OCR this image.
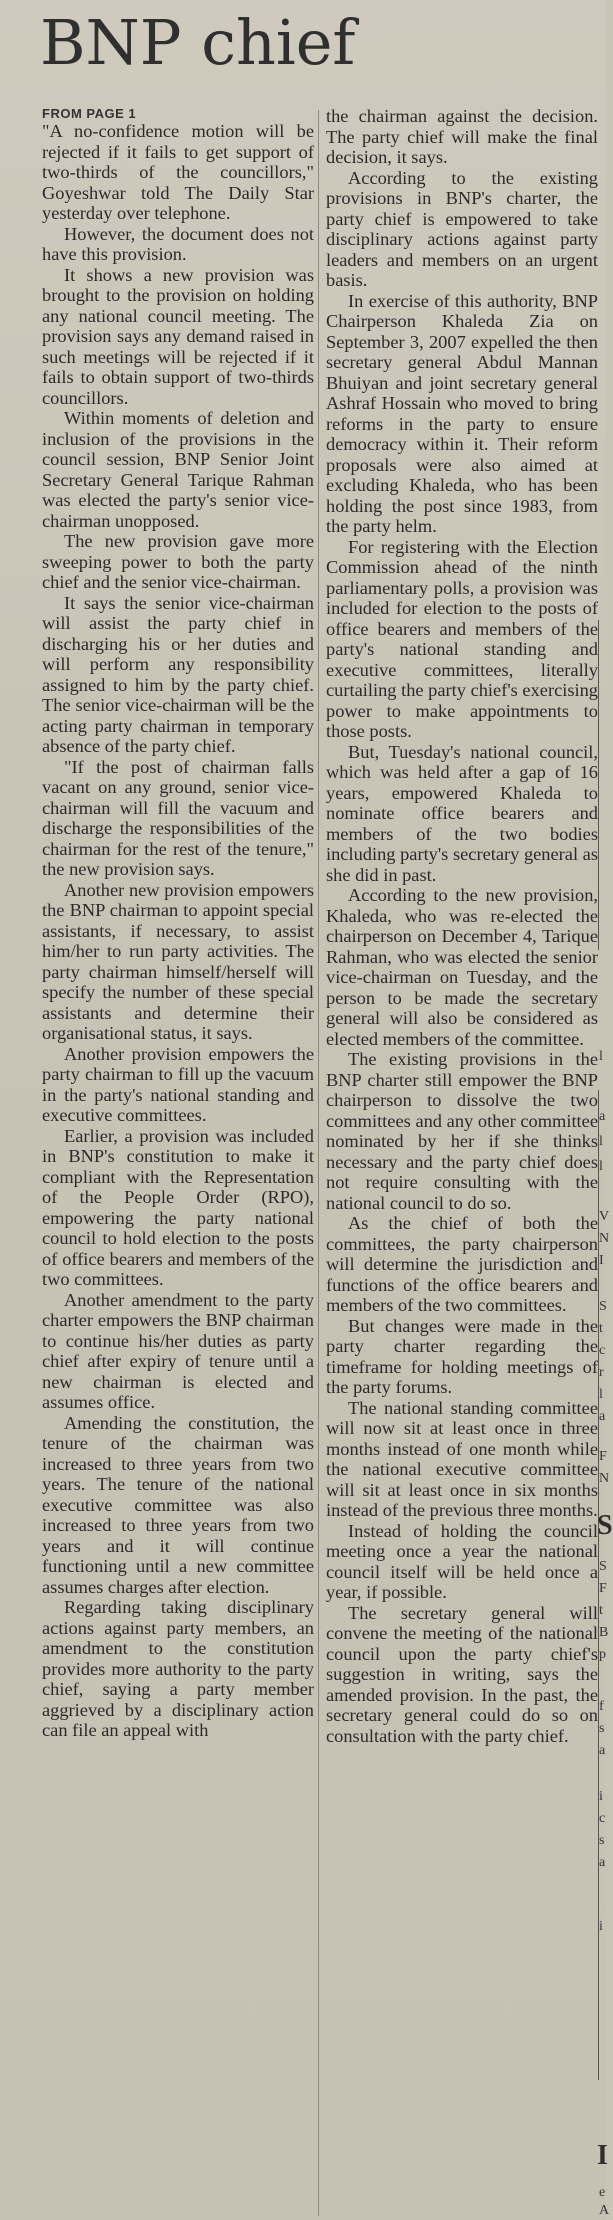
BNP chief
FROM PAGE 1

"A no-confidence motion will be rejected if it fails to get support of two-thirds of the councillors," Goyeshwar told The Daily Star yesterday over telephone.

However, the document does not have this provision.

It shows a new provision was brought to the provision on holding any national council meeting. The provision says any demand raised in such meetings will be rejected if it fails to obtain support of two-thirds councillors.

Within moments of deletion and inclusion of the provisions in the council session, BNP Senior Joint Secretary General Tarique Rahman was elected the party's senior vice-chairman unopposed.

The new provision gave more sweeping power to both the party chief and the senior vice-chairman.

It says the senior vice-chairman will assist the party chief in discharging his or her duties and will perform any responsibility assigned to him by the party chief. The senior vice-chairman will be the acting party chairman in temporary absence of the party chief.

"If the post of chairman falls vacant on any ground, senior vice-chairman will fill the vacuum and discharge the responsibilities of the chairman for the rest of the tenure," the new provision says.

Another new provision empowers the BNP chairman to appoint special assistants, if necessary, to assist him/her to run party activities. The party chairman himself/herself will specify the number of these special assistants and determine their organisational status, it says.

Another provision empowers the party chairman to fill up the vacuum in the party's national standing and executive committees.

Earlier, a provision was included in BNP's constitution to make it compliant with the Representation of the People Order (RPO), empowering the party national council to hold election to the posts of office bearers and members of the two committees.

Another amendment to the party charter empowers the BNP chairman to continue his/her duties as party chief after expiry of tenure until a new chairman is elected and assumes office.

Amending the constitution, the tenure of the chairman was increased to three years from two years. The tenure of the national executive committee was also increased to three years from two years and it will continue functioning until a new committee assumes charges after election.

Regarding taking disciplinary actions against party members, an amendment to the constitution provides more authority to the party chief, saying a party member aggrieved by a disciplinary action can file an appeal with

the chairman against the decision. The party chief will make the final decision, it says.

According to the existing provisions in BNP's charter, the party chief is empowered to take disciplinary actions against party leaders and members on an urgent basis.

In exercise of this authority, BNP Chairperson Khaleda Zia on September 3, 2007 expelled the then secretary general Abdul Mannan Bhuiyan and joint secretary general Ashraf Hossain who moved to bring reforms in the party to ensure democracy within it. Their reform proposals were also aimed at excluding Khaleda, who has been holding the post since 1983, from the party helm.

For registering with the Election Commission ahead of the ninth parliamentary polls, a provision was included for election to the posts of office bearers and members of the party's national standing and executive committees, literally curtailing the party chief's exercising power to make appointments to those posts.

But, Tuesday's national council, which was held after a gap of 16 years, empowered Khaleda to nominate office bearers and members of the two bodies including party's secretary general as she did in past.

According to the new provision, Khaleda, who was re-elected the chairperson on December 4, Tarique Rahman, who was elected the senior vice-chairman on Tuesday, and the person to be made the secretary general will also be considered as elected members of the committee.

The existing provisions in the BNP charter still empower the BNP chairperson to dissolve the two committees and any other committee nominated by her if she thinks necessary and the party chief does not require consulting with the national council to do so.

As the chief of both the committees, the party chairperson will determine the jurisdiction and functions of the office bearers and members of the two committees.

But changes were made in the party charter regarding the timeframe for holding meetings of the party forums.

The national standing committee will now sit at least once in three months instead of one month while the national executive committee will sit at least once in six months instead of the previous three months.

Instead of holding the council meeting once a year the national council itself will be held once a year, if possible.

The secretary general will convene the meeting of the national council upon the party chief's suggestion in writing, says the amended provision. In the past, the secretary general could do so on consultation with the party chief.

l
a
l
l
V
N
I
S
t
c
r
l
a
F
N
S
S
F
t
B
p
f
s
a
i
c
s
a
i
I
e
A
